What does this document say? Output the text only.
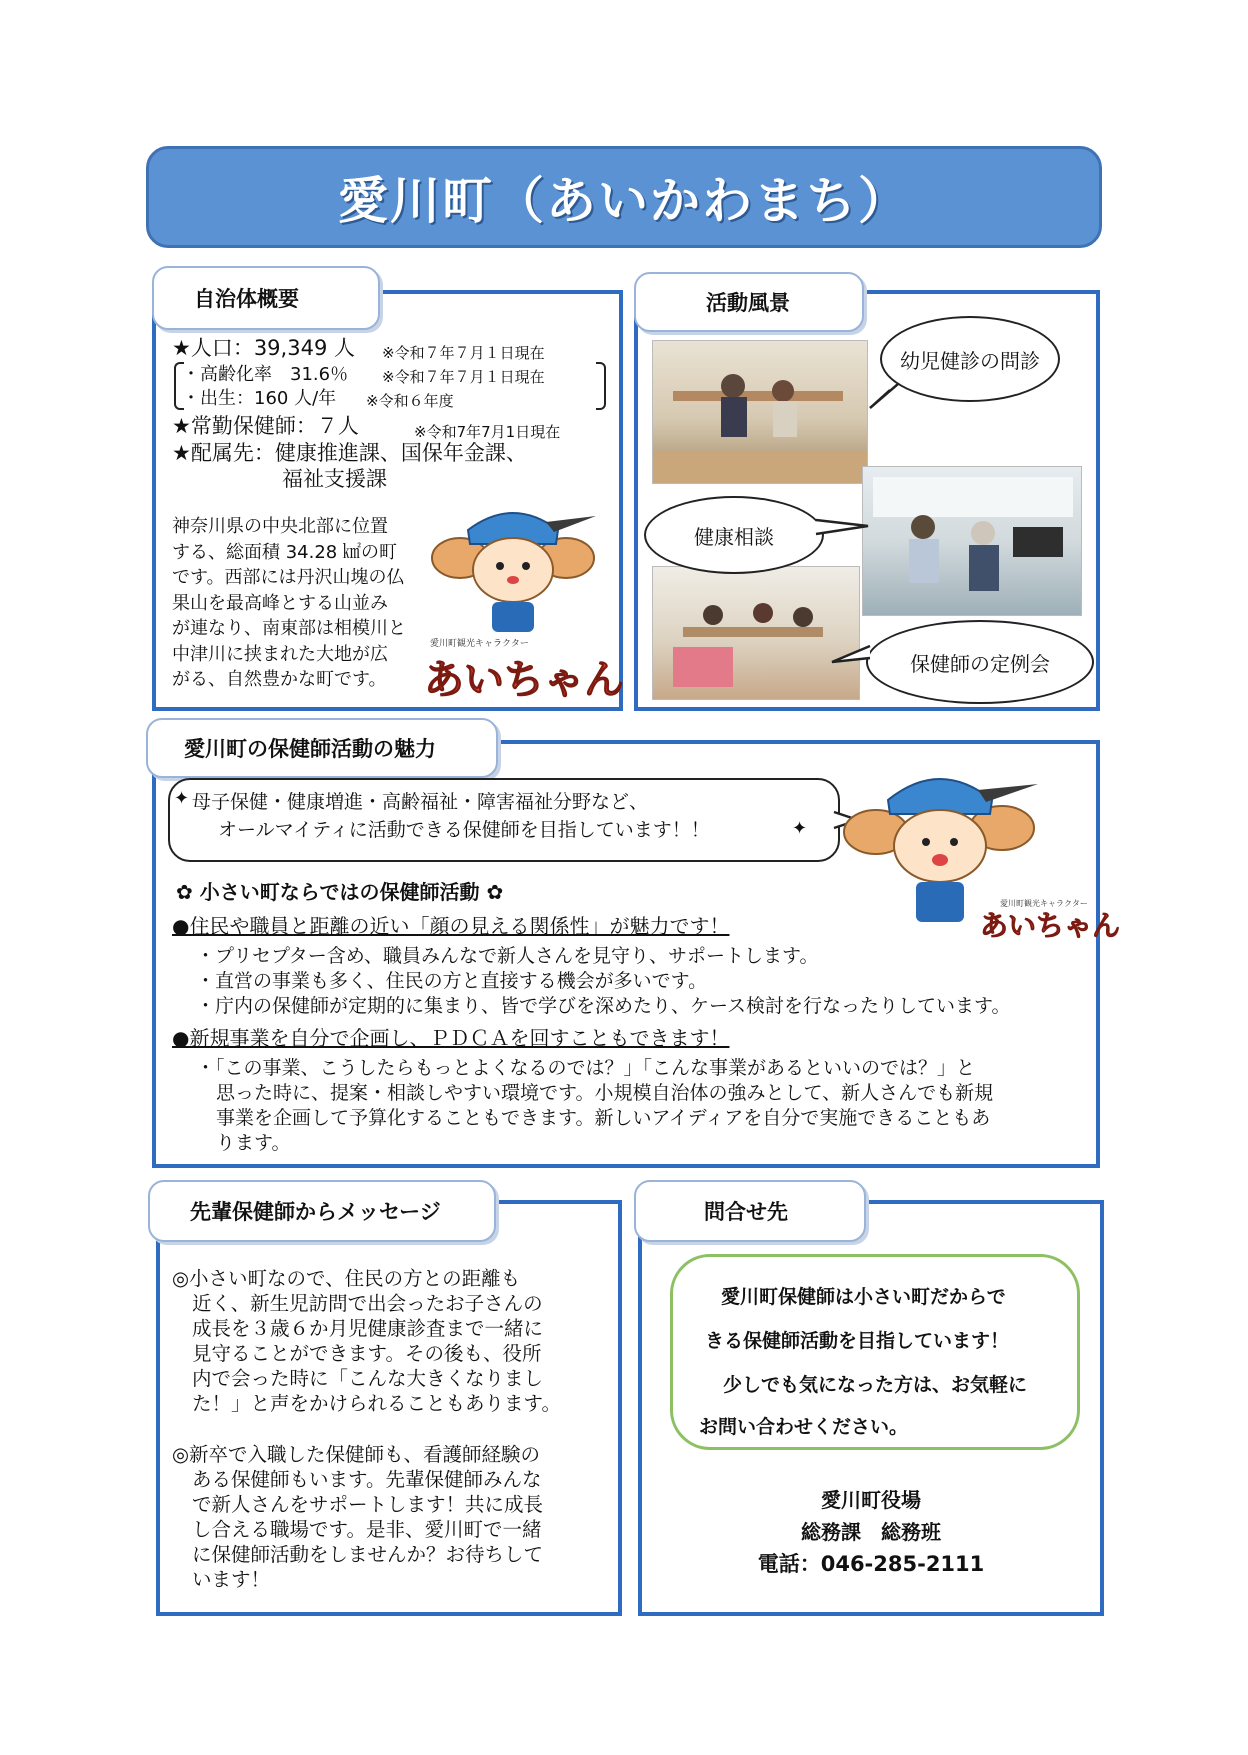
愛川町（あいかわまち）
自治体概要
★人口：39,349 人 ※令和７年７月１日現在
・高齢化率　31.6％ ※令和７年７月１日現在
・出生：160 人/年 ※令和６年度
★常勤保健師：７人	※令和7年7月1日現在
★配属先：健康推進課、国保年金課、
福祉支援課
神奈川県の中央北部に位置
する、総面積 34.28 ㎢の町
です。西部には丹沢山塊の仏
果山を最高峰とする山並み
が連なり、南東部は相模川と
中津川に挟まれた大地が広
がる、自然豊かな町です。
愛川町観光キャラクター
あいちゃん
活動風景
幼児健診の問診
健康相談
保健師の定例会
愛川町の保健師活動の魅力
母子保健・健康増進・高齢福祉・障害福祉分野など、
オールマイティに活動できる保健師を目指しています！！
✦
✦
愛川町観光キャラクター
あいちゃん
✿ 小さい町ならではの保健師活動 ✿
●住民や職員と距離の近い「顔の見える関係性」が魅力です！
・プリセプター含め、職員みんなで新人さんを見守り、サポートします。
・直営の事業も多く、住民の方と直接する機会が多いです。
・庁内の保健師が定期的に集まり、皆で学びを深めたり、ケース検討を行なったりしています。
●新規事業を自分で企画し、ＰＤＣＡを回すこともできます！
・「この事業、こうしたらもっとよくなるのでは？」「こんな事業があるといいのでは？」と
思った時に、提案・相談しやすい環境です。小規模自治体の強みとして、新人さんでも新規
事業を企画して予算化することもできます。新しいアイディアを自分で実施できることもあ
ります。
先輩保健師からメッセージ
◎小さい町なので、住民の方との距離も
近く、新生児訪問で出会ったお子さんの
成長を３歳６か月児健康診査まで一緒に
見守ることができます。その後も、役所
内で会った時に「こんな大きくなりまし
た！」と声をかけられることもあります。
◎新卒で入職した保健師も、看護師経験の
ある保健師もいます。先輩保健師みんな
で新人さんをサポートします！共に成長
し合える職場です。是非、愛川町で一緒
に保健師活動をしませんか？お待ちして
います！
問合せ先
愛川町保健師は小さい町だからで
きる保健師活動を目指しています！
少しでも気になった方は、お気軽に
お問い合わせください。
愛川町役場
総務課　総務班
電話：046-285-2111
